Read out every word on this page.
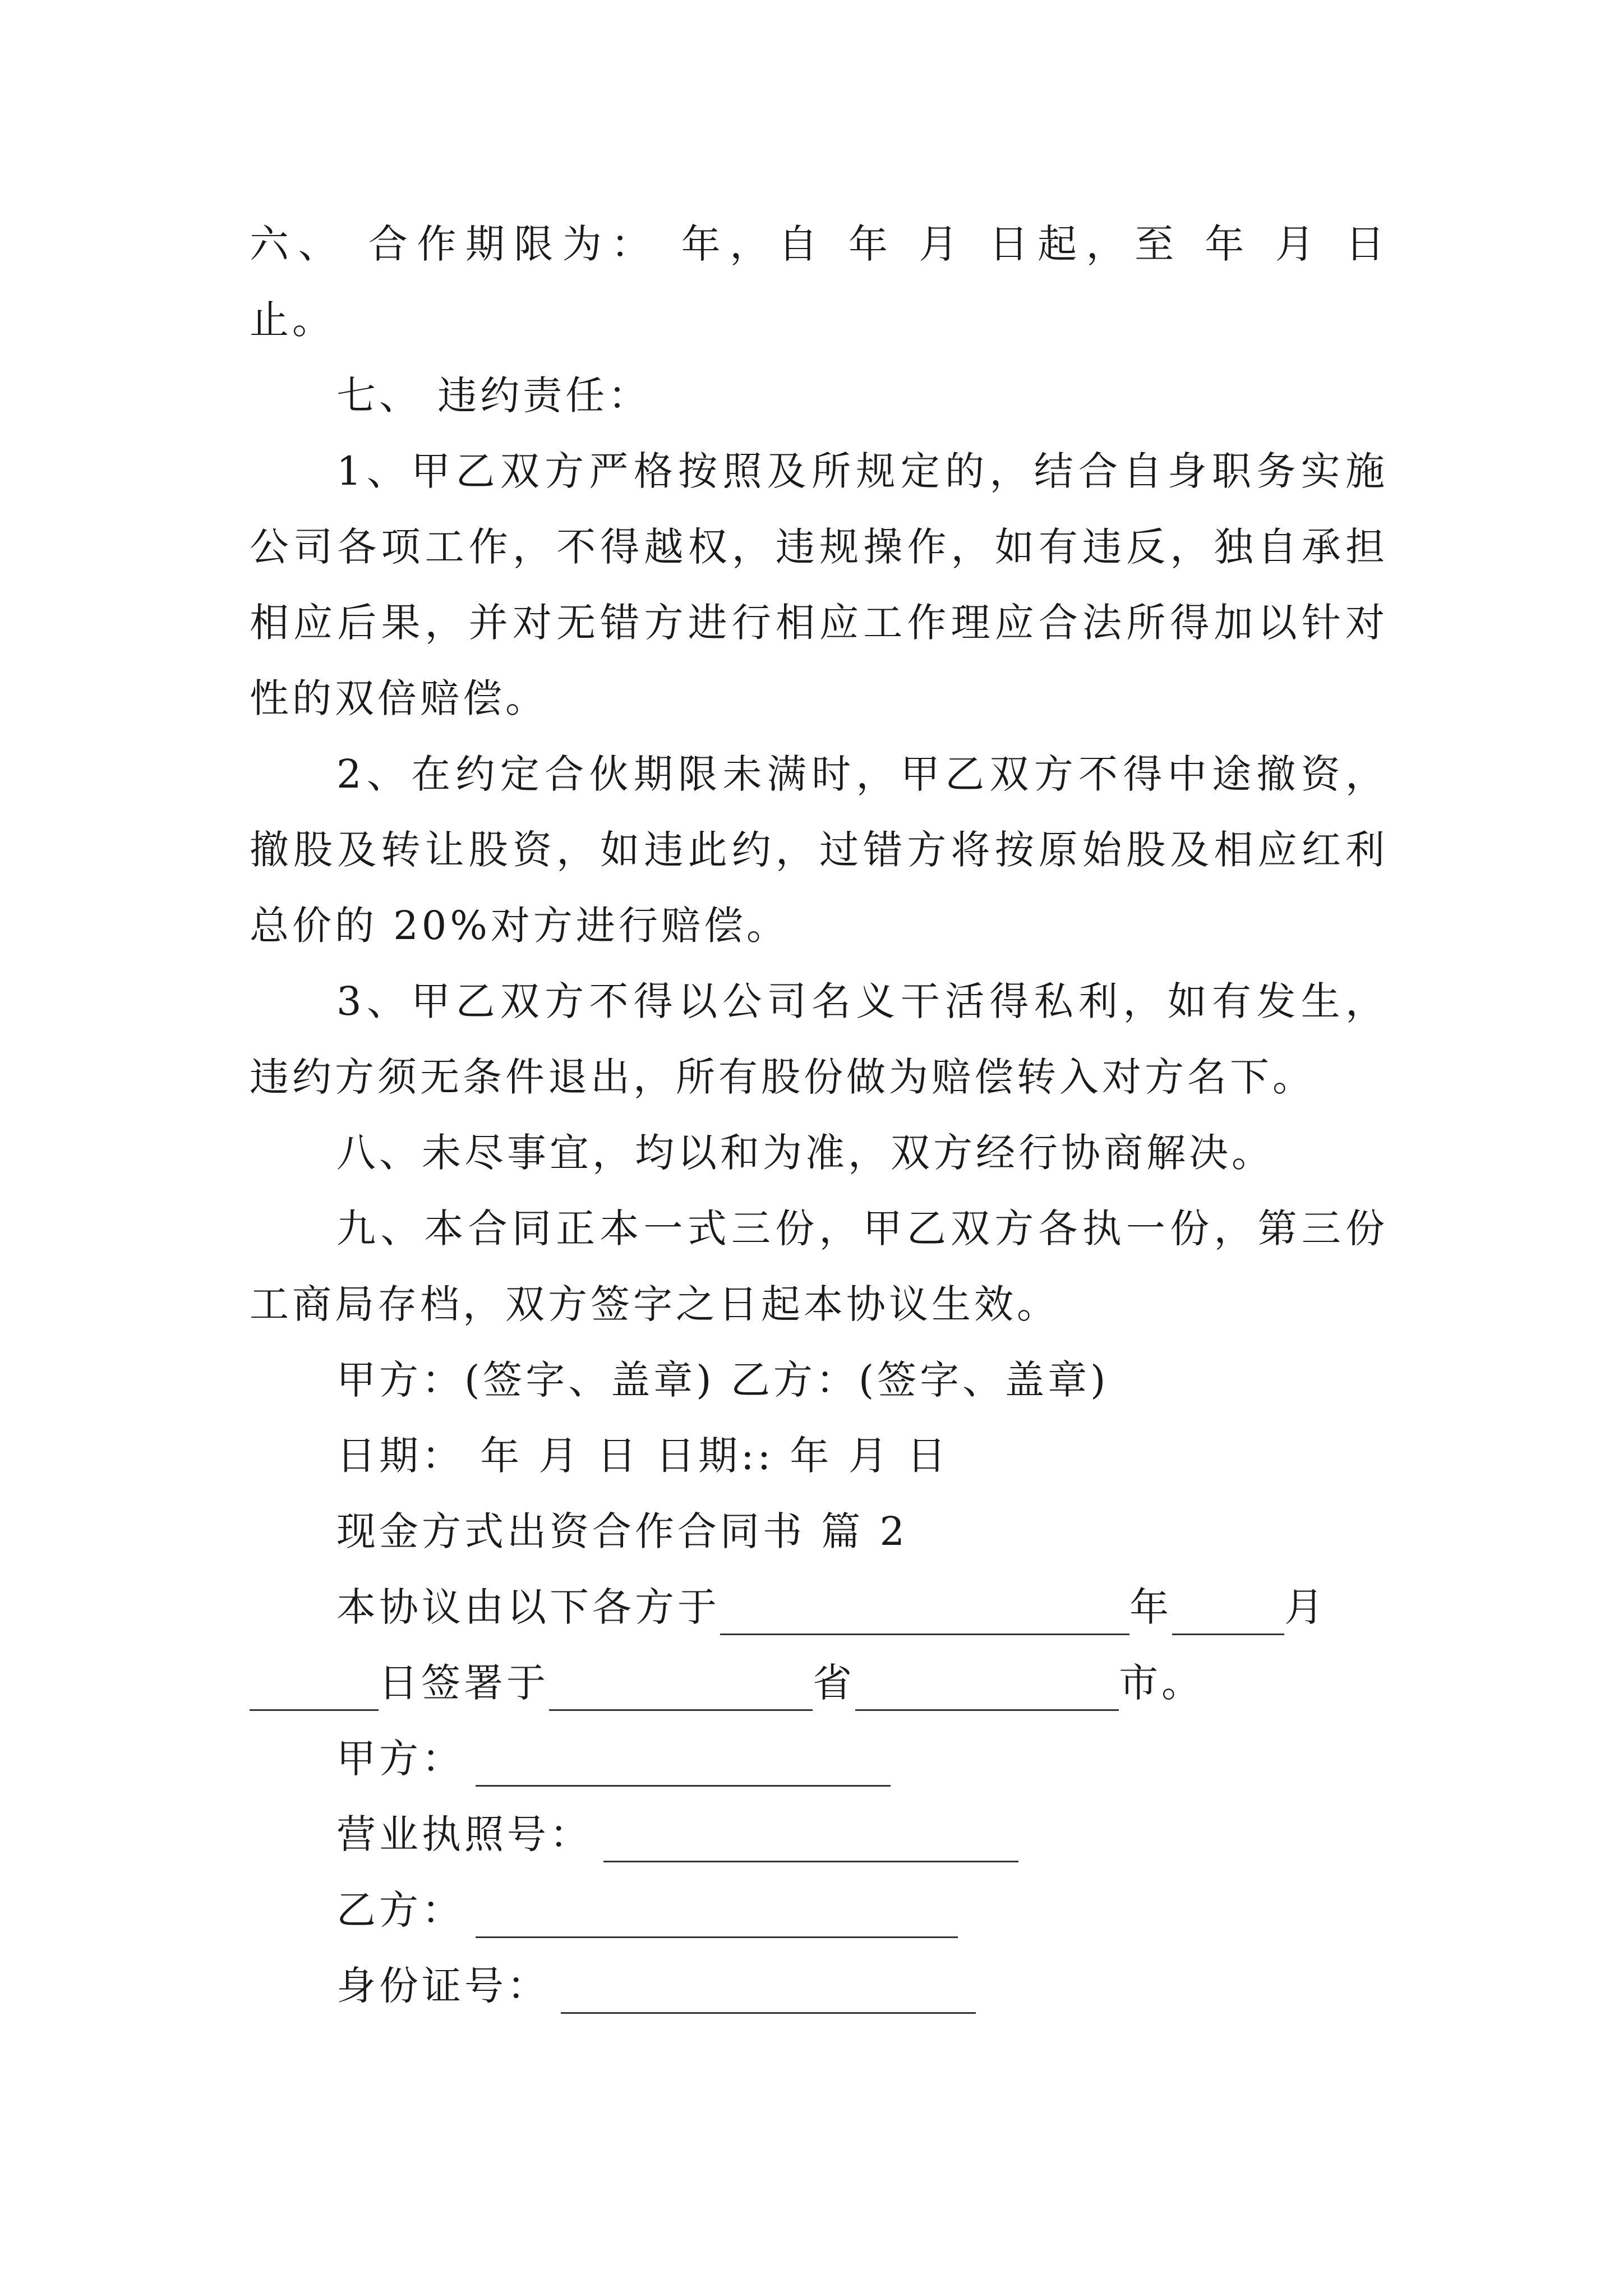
六、 合作期限为： 年，自 年 月 日起，至 年 月 日
止。
七、 违约责任：
1、甲乙双方严格按照及所规定的，结合自身职务实施
公司各项工作，不得越权，违规操作，如有违反，独自承担
相应后果，并对无错方进行相应工作理应合法所得加以针对
性的双倍赔偿。
2、在约定合伙期限未满时，甲乙双方不得中途撤资，
撤股及转让股资，如违此约，过错方将按原始股及相应红利
总价的 20%对方进行赔偿。
3、甲乙双方不得以公司名义干活得私利，如有发生，
违约方须无条件退出，所有股份做为赔偿转入对方名下。
八、未尽事宜，均以和为准，双方经行协商解决。
九、本合同正本一式三份，甲乙双方各执一份，第三份
工商局存档，双方签字之日起本协议生效。
甲方：(签字、盖章) 乙方：(签字、盖章)
日期： 年 月 日 日期:: 年 月 日
现金方式出资合作合同书 篇 2
本协议由以下各方于	年	月
日签署于	省	市。
甲方：
营业执照号：
乙方：
身份证号：
